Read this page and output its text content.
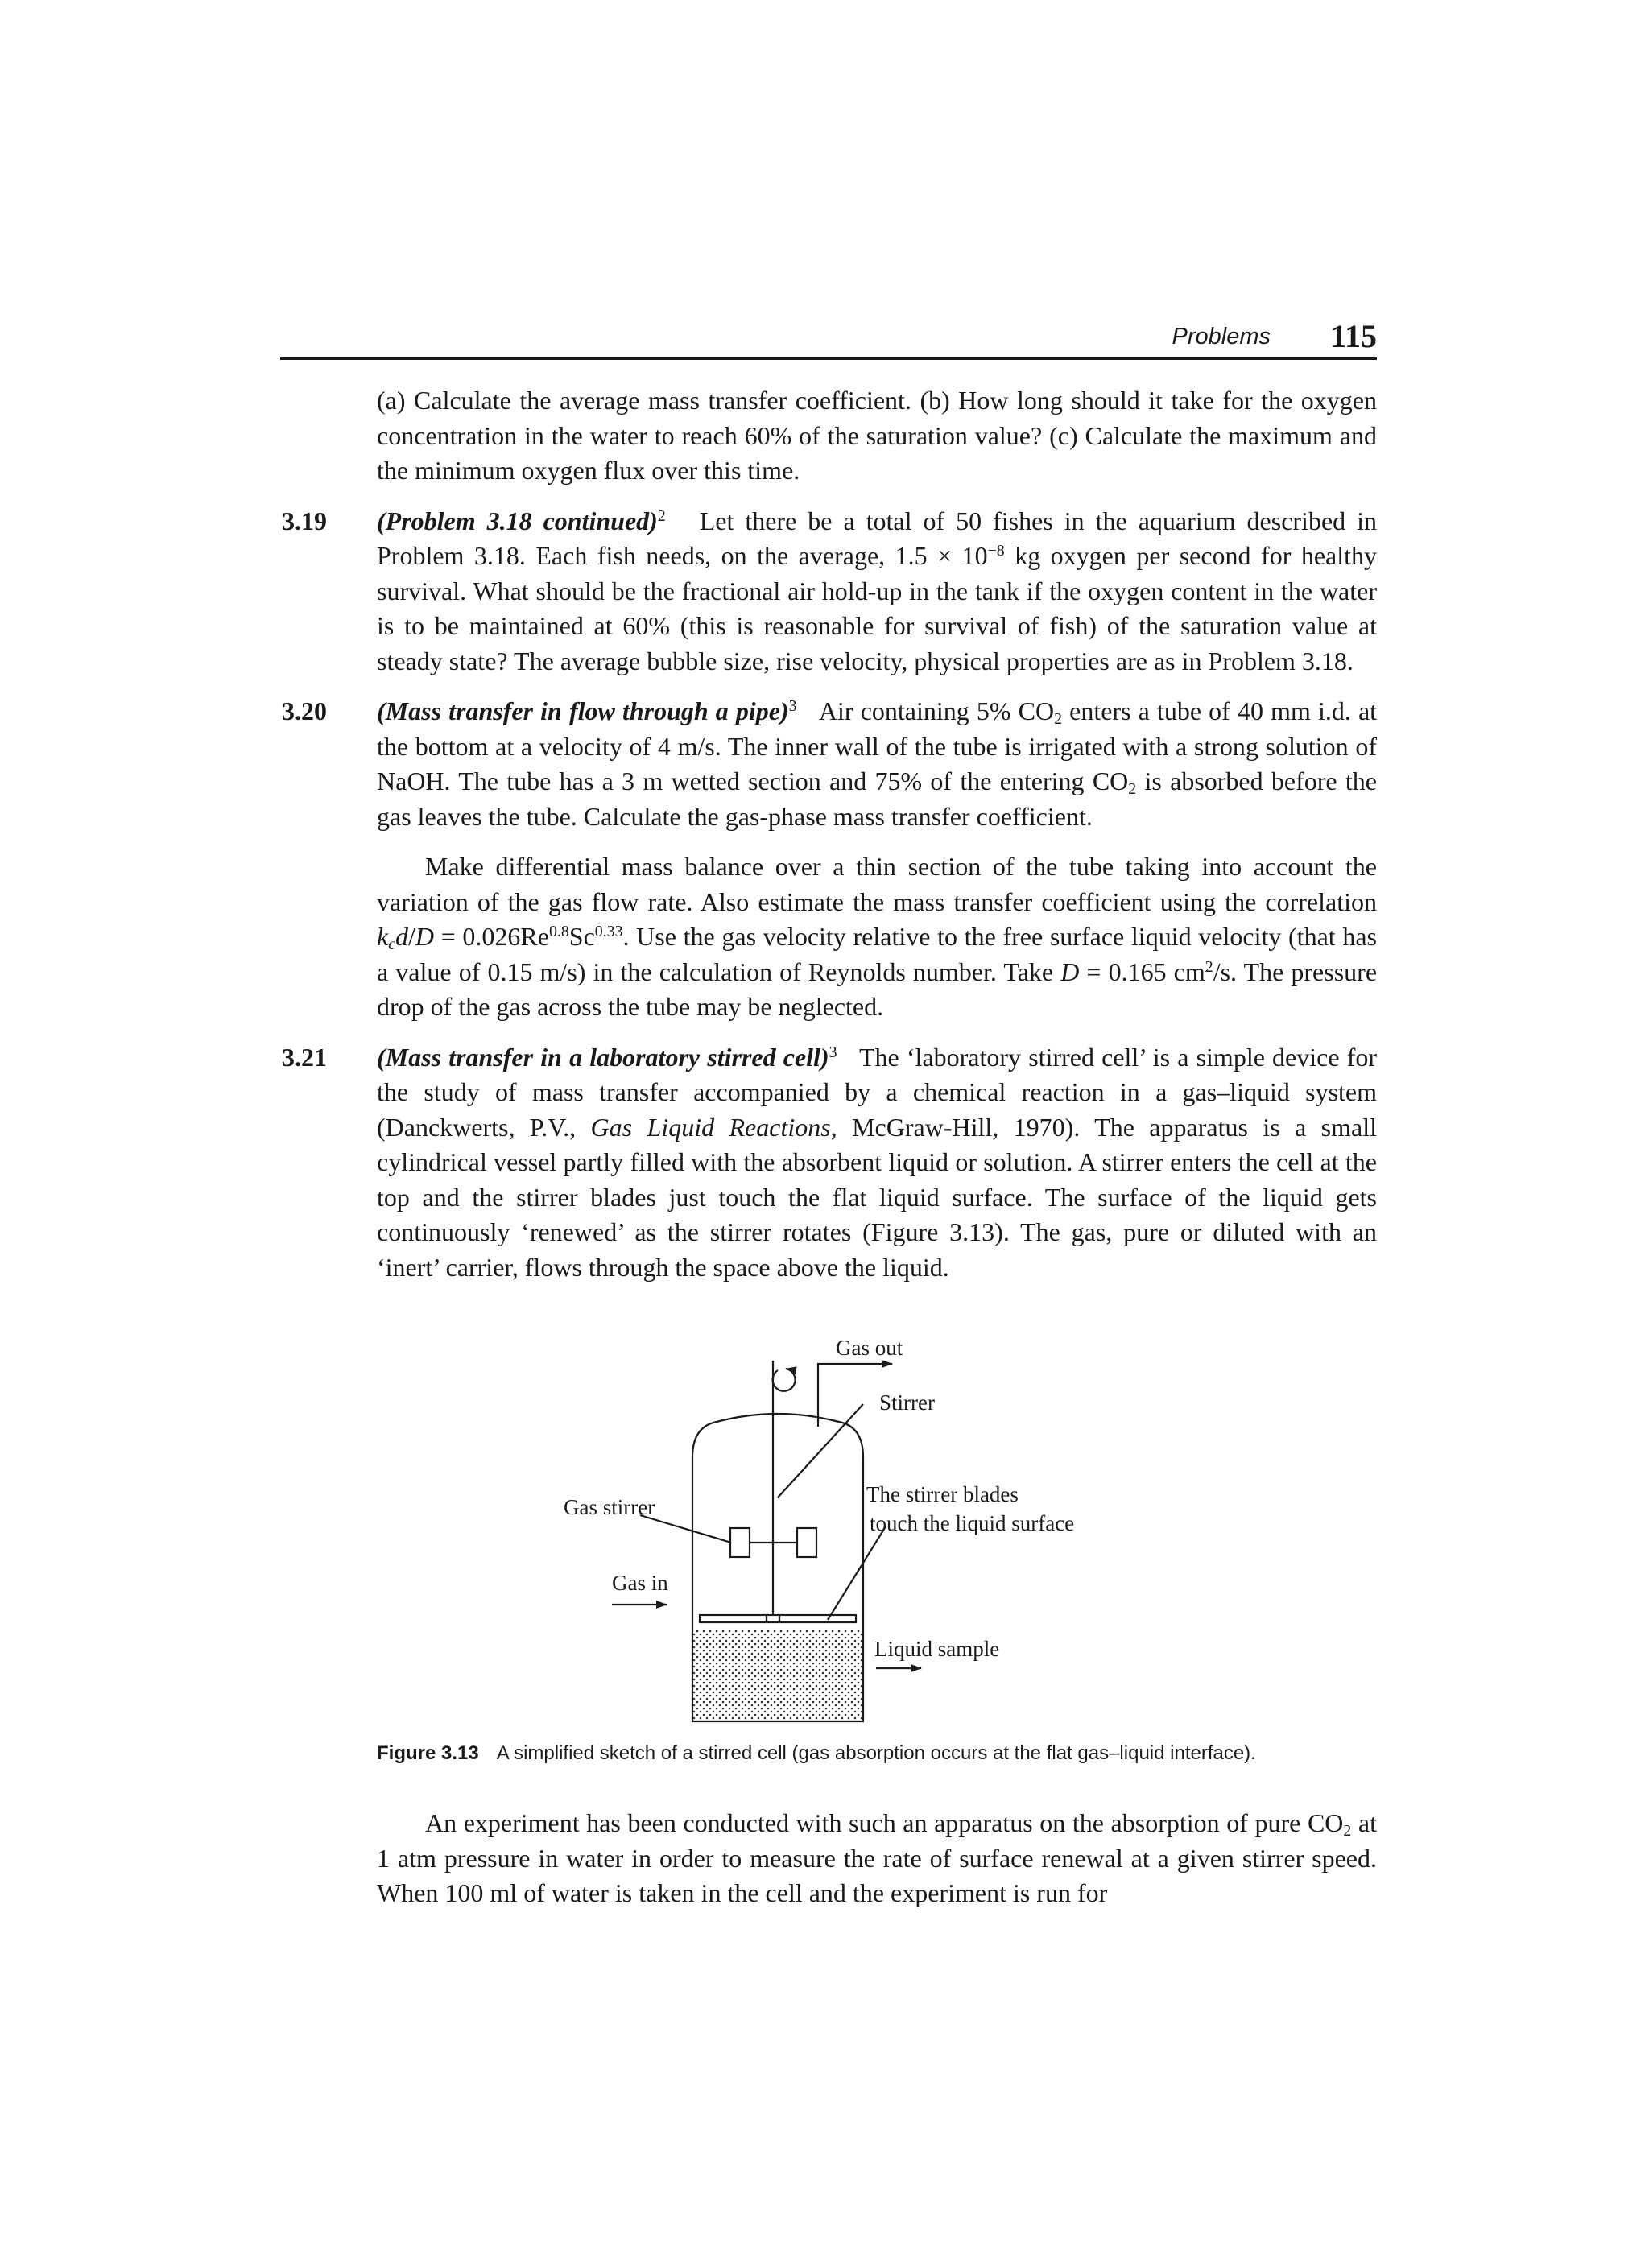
Problems 115

(a) Calculate the average mass transfer coefficient. (b) How long should it take for the oxygen concentration in the water to reach 60% of the saturation value? (c) Calculate the maximum and the minimum oxygen flux over this time.

3.19 (Problem 3.18 continued)$^2$ Let there be a total of 50 fishes in the aquarium described in Problem 3.18. Each fish needs, on the average, $1.5 \times 10^{-8}$ kg oxygen per second for healthy survival. What should be the fractional air hold-up in the tank if the oxygen content in the water is to be maintained at 60% (this is reasonable for survival of fish) of the saturation value at steady state? The average bubble size, rise velocity, physical properties are as in Problem 3.18.

3.20 (Mass transfer in flow through a pipe)$^3$ Air containing 5% $CO_2$ enters a tube of 40 mm i.d. at the bottom at a velocity of 4 m/s. The inner wall of the tube is irrigated with a strong solution of NaOH. The tube has a 3 m wetted section and 75% of the entering $CO_2$ is absorbed before the gas leaves the tube. Calculate the gas-phase mass transfer coefficient.

Make differential mass balance over a thin section of the tube taking into account the variation of the gas flow rate. Also estimate the mass transfer coefficient using the correlation $k_cd/D = 0.026Re^{0.8}Sc^{0.33}$. Use the gas velocity relative to the free surface liquid velocity (that has a value of 0.15 m/s) in the calculation of Reynolds number. Take D = 0.165 $cm^2/s$. The pressure drop of the gas across the tube may be neglected.

3.21 (Mass transfer in a laboratory stirred cell)$^3$ The ‘laboratory stirred cell’ is a simple device for the study of mass transfer accompanied by a chemical reaction in a gas–liquid system (Danckwerts, P.V., Gas Liquid Reactions, McGraw-Hill, 1970). The apparatus is a small cylindrical vessel partly filled with the absorbent liquid or solution. A stirrer enters the cell at the top and the stirrer blades just touch the flat liquid surface. The surface of the liquid gets continuously ‘renewed’ as the stirrer rotates (Figure 3.13). The gas, pure or diluted with an ‘inert’ carrier, flows through the space above the liquid.

Gas out
Stirrer
Gas stirrer
The stirrer blades
touch the liquid surface
Gas in
Liquid sample
Figure 3.13 A simplified sketch of a stirred cell (gas absorption occurs at the flat gas–liquid interface).

An experiment has been conducted with such an apparatus on the absorption of pure $CO_2$ at 1 atm pressure in water in order to measure the rate of surface renewal at a given stirrer speed. When 100 ml of water is taken in the cell and the experiment is run for
